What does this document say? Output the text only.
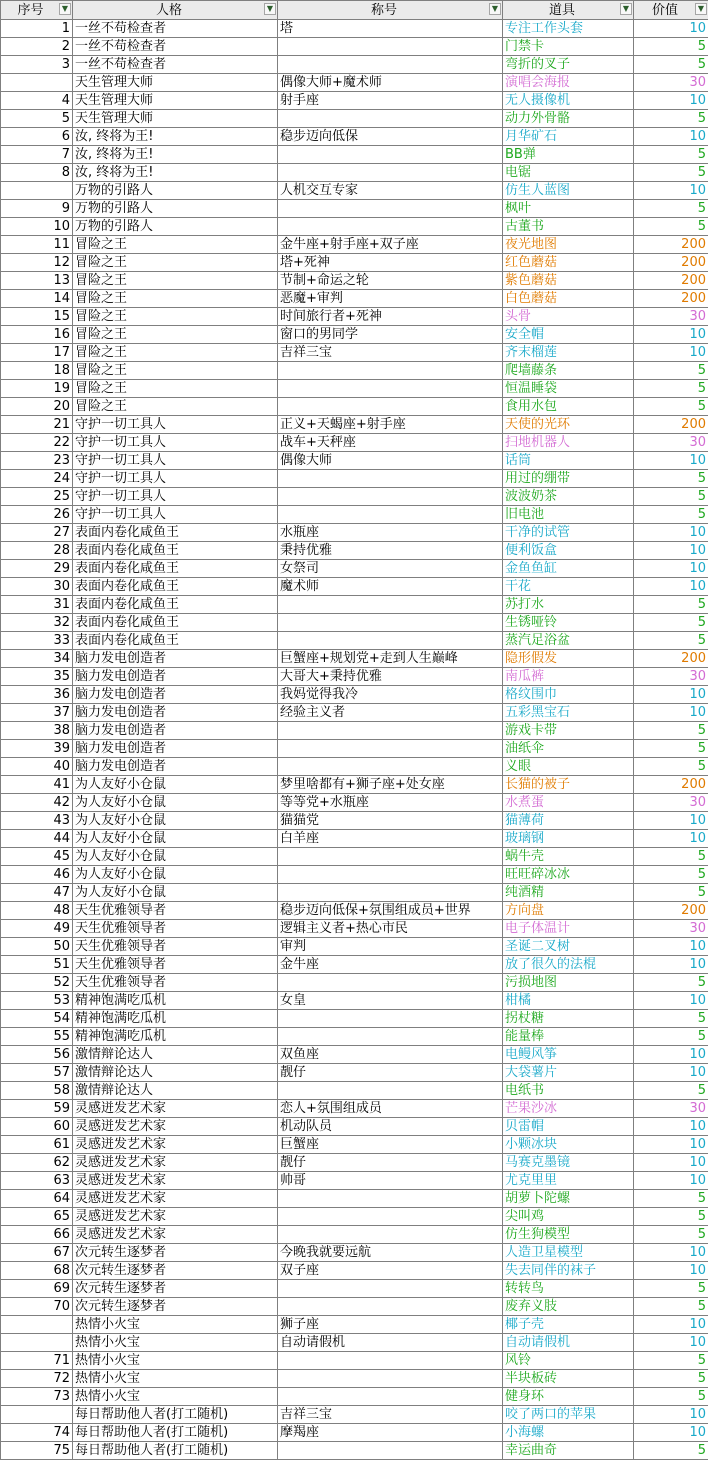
序号 ▼	人格 ▼	称号 ▼	道具 ▼	价值 ▼

1	一丝不苟检查者	塔	专注工作头套	10
2	一丝不苟检查者		门禁卡	5
3	一丝不苟检查者		弯折的叉子	5
	天生管理大师	偶像大师+魔术师	演唱会海报	30
4	天生管理大师	射手座	无人摄像机	10
5	天生管理大师		动力外骨骼	5
6	汝, 终将为王!	稳步迈向低保	月华矿石	10
7	汝, 终将为王!		BB弹	5
8	汝, 终将为王!		电锯	5
	万物的引路人	人机交互专家	仿生人蓝图	10
9	万物的引路人		枫叶	5
10	万物的引路人		古董书	5
11	冒险之王	金牛座+射手座+双子座	夜光地图	200
12	冒险之王	塔+死神	红色蘑菇	200
13	冒险之王	节制+命运之轮	紫色蘑菇	200
14	冒险之王	恶魔+审判	白色蘑菇	200
15	冒险之王	时间旅行者+死神	头骨	30
16	冒险之王	窗口的男同学	安全帽	10
17	冒险之王	吉祥三宝	齐末榴莲	10
18	冒险之王		爬墙藤条	5
19	冒险之王		恒温睡袋	5
20	冒险之王		食用水包	5
21	守护一切工具人	正义+天蝎座+射手座	天使的光环	200
22	守护一切工具人	战车+天秤座	扫地机器人	30
23	守护一切工具人	偶像大师	话筒	10
24	守护一切工具人		用过的绷带	5
25	守护一切工具人		波波奶茶	5
26	守护一切工具人		旧电池	5
27	表面内卷化咸鱼王	水瓶座	干净的试管	10
28	表面内卷化咸鱼王	秉持优雅	便利饭盒	10
29	表面内卷化咸鱼王	女祭司	金鱼鱼缸	10
30	表面内卷化咸鱼王	魔术师	干花	10
31	表面内卷化咸鱼王		苏打水	5
32	表面内卷化咸鱼王		生锈哑铃	5
33	表面内卷化咸鱼王		蒸汽足浴盆	5
34	脑力发电创造者	巨蟹座+规划党+走到人生巅峰	隐形假发	200
35	脑力发电创造者	大哥大+秉持优雅	南瓜裤	30
36	脑力发电创造者	我妈觉得我冷	格纹围巾	10
37	脑力发电创造者	经验主义者	五彩黑宝石	10
38	脑力发电创造者		游戏卡带	5
39	脑力发电创造者		油纸伞	5
40	脑力发电创造者		义眼	5
41	为人友好小仓鼠	梦里啥都有+狮子座+处女座	长猫的被子	200
42	为人友好小仓鼠	等等党+水瓶座	水煮蛋	30
43	为人友好小仓鼠	猫猫党	猫薄荷	10
44	为人友好小仓鼠	白羊座	玻璃钢	10
45	为人友好小仓鼠		蜗牛壳	5
46	为人友好小仓鼠		旺旺碎冰冰	5
47	为人友好小仓鼠		纯酒精	5
48	天生优雅领导者	稳步迈向低保+氛围组成员+世界	方向盘	200
49	天生优雅领导者	逻辑主义者+热心市民	电子体温计	30
50	天生优雅领导者	审判	圣诞二叉树	10
51	天生优雅领导者	金牛座	放了很久的法棍	10
52	天生优雅领导者		污损地图	5
53	精神饱满吃瓜机	女皇	柑橘	10
54	精神饱满吃瓜机		拐杖糖	5
55	精神饱满吃瓜机		能量棒	5
56	激情辩论达人	双鱼座	电鳗风筝	10
57	激情辩论达人	靓仔	大袋薯片	10
58	激情辩论达人		电纸书	5
59	灵感迸发艺术家	恋人+氛围组成员	芒果沙冰	30
60	灵感迸发艺术家	机动队员	贝雷帽	10
61	灵感迸发艺术家	巨蟹座	小颗冰块	10
62	灵感迸发艺术家	靓仔	马赛克墨镜	10
63	灵感迸发艺术家	帅哥	尤克里里	10
64	灵感迸发艺术家		胡萝卜陀螺	5
65	灵感迸发艺术家		尖叫鸡	5
66	灵感迸发艺术家		仿生狗模型	5
67	次元转生逐梦者	今晚我就要远航	人造卫星模型	10
68	次元转生逐梦者	双子座	失去同伴的袜子	10
69	次元转生逐梦者		转转鸟	5
70	次元转生逐梦者		废弃义肢	5
	热情小火宝	狮子座	椰子壳	10
	热情小火宝	自动请假机	自动请假机	10
71	热情小火宝		风铃	5
72	热情小火宝		半块板砖	5
73	热情小火宝		健身环	5
	每日帮助他人者(打工随机)	吉祥三宝	咬了两口的苹果	10
74	每日帮助他人者(打工随机)	摩羯座	小海螺	10
75	每日帮助他人者(打工随机)		幸运曲奇	5
